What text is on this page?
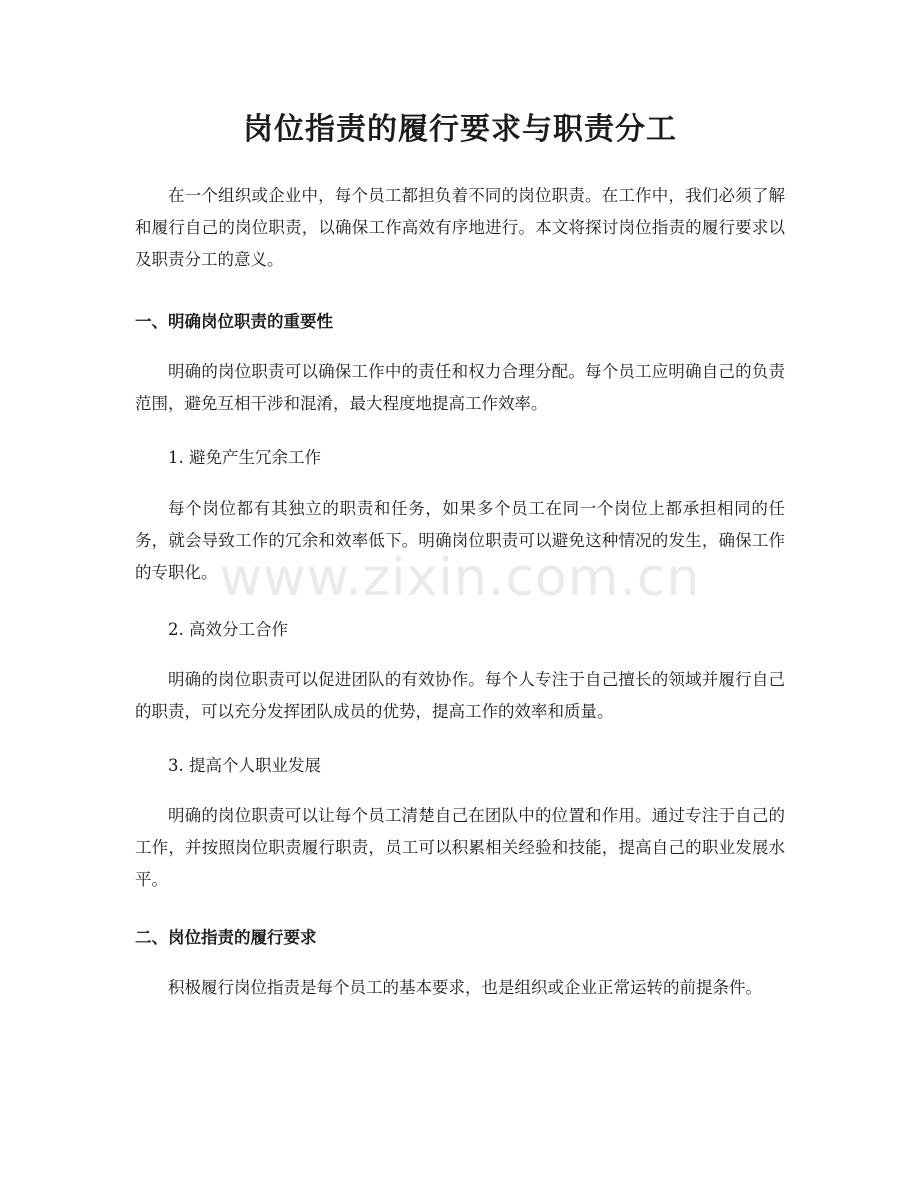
岗位指责的履行要求与职责分工

在一个组织或企业中，每个员工都担负着不同的岗位职责。在工作中，我们必须了解和履行自己的岗位职责，以确保工作高效有序地进行。本文将探讨岗位指责的履行要求以及职责分工的意义。

一、明确岗位职责的重要性

明确的岗位职责可以确保工作中的责任和权力合理分配。每个员工应明确自己的负责范围，避免互相干涉和混淆，最大程度地提高工作效率。

1. 避免产生冗余工作

每个岗位都有其独立的职责和任务，如果多个员工在同一个岗位上都承担相同的任务，就会导致工作的冗余和效率低下。明确岗位职责可以避免这种情况的发生，确保工作的专职化。

2. 高效分工合作

明确的岗位职责可以促进团队的有效协作。每个人专注于自己擅长的领域并履行自己的职责，可以充分发挥团队成员的优势，提高工作的效率和质量。

3. 提高个人职业发展

明确的岗位职责可以让每个员工清楚自己在团队中的位置和作用。通过专注于自己的工作，并按照岗位职责履行职责，员工可以积累相关经验和技能，提高自己的职业发展水平。

二、岗位指责的履行要求

积极履行岗位指责是每个员工的基本要求，也是组织或企业正常运转的前提条件。

www.zixin.com.cn
